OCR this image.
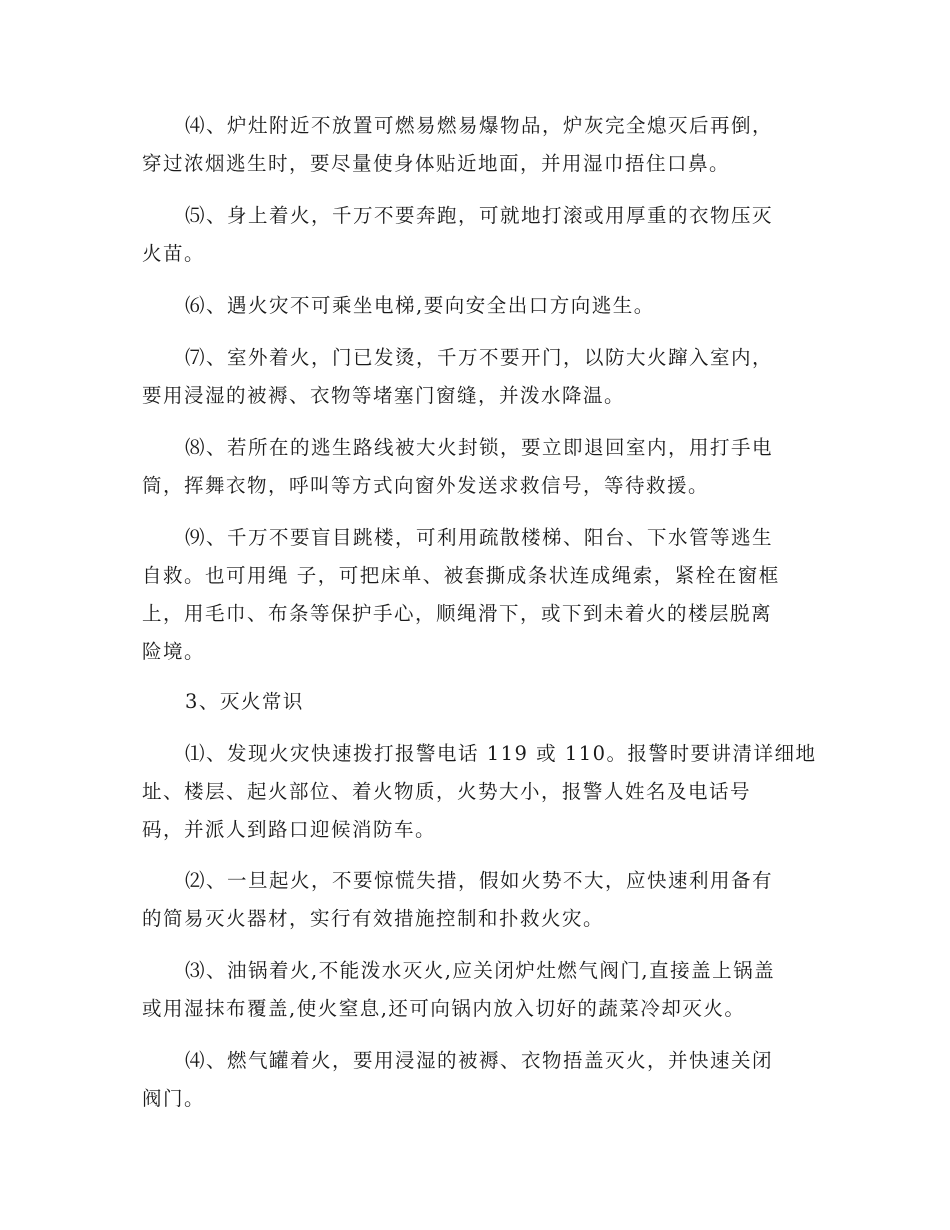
⑷、炉灶附近不放置可燃易燃易爆物品，炉灰完全熄灭后再倒，
穿过浓烟逃生时，要尽量使身体贴近地面，并用湿巾捂住口鼻。

⑸、身上着火，千万不要奔跑，可就地打滚或用厚重的衣物压灭
火苗。

⑹、遇火灾不可乘坐电梯,要向安全出口方向逃生。

⑺、室外着火，门已发烫，千万不要开门，以防大火蹿入室内，
要用浸湿的被褥、衣物等堵塞门窗缝，并泼水降温。

⑻、若所在的逃生路线被大火封锁，要立即退回室内，用打手电
筒，挥舞衣物，呼叫等方式向窗外发送求救信号，等待救援。

⑼、千万不要盲目跳楼，可利用疏散楼梯、阳台、下水管等逃生
自救。也可用绳 子，可把床单、被套撕成条状连成绳索，紧栓在窗框
上，用毛巾、布条等保护手心，顺绳滑下，或下到未着火的楼层脱离
险境。

3、灭火常识

⑴、发现火灾快速拨打报警电话 119 或 110。报警时要讲清详细地
址、楼层、起火部位、着火物质，火势大小，报警人姓名及电话号
码，并派人到路口迎候消防车。

⑵、一旦起火，不要惊慌失措，假如火势不大，应快速利用备有
的简易灭火器材，实行有效措施控制和扑救火灾。

⑶、油锅着火,不能泼水灭火,应关闭炉灶燃气阀门,直接盖上锅盖
或用湿抹布覆盖,使火窒息,还可向锅内放入切好的蔬菜冷却灭火。

⑷、燃气罐着火，要用浸湿的被褥、衣物捂盖灭火，并快速关闭
阀门。
